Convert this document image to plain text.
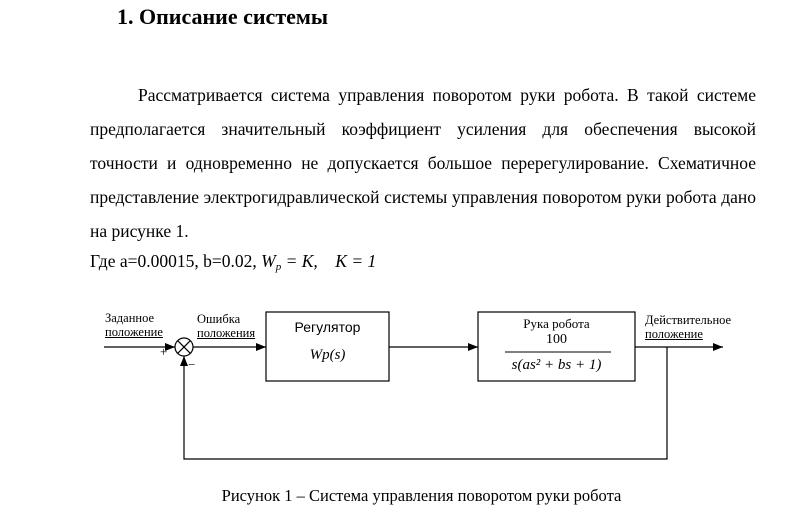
1. Описание системы

Рассматривается система управления поворотом руки робота. В такой системе предполагается значительный коэффициент усиления для обеспечения высокой точности и одновременно не допускается большое перерегулирование. Схематичное представление электрогидравлической системы управления поворотом руки робота дано на рисунке 1.

Где a=0.00015, b=0.02, $W_p = K$, K = 1
Заданное
положение
Ошибка
положения
+
−
Регулятор
Wp(s)
Рука робота
100
s(as² + bs + 1)
Действительное
положение
Рисунок 1 – Система управления поворотом руки робота
